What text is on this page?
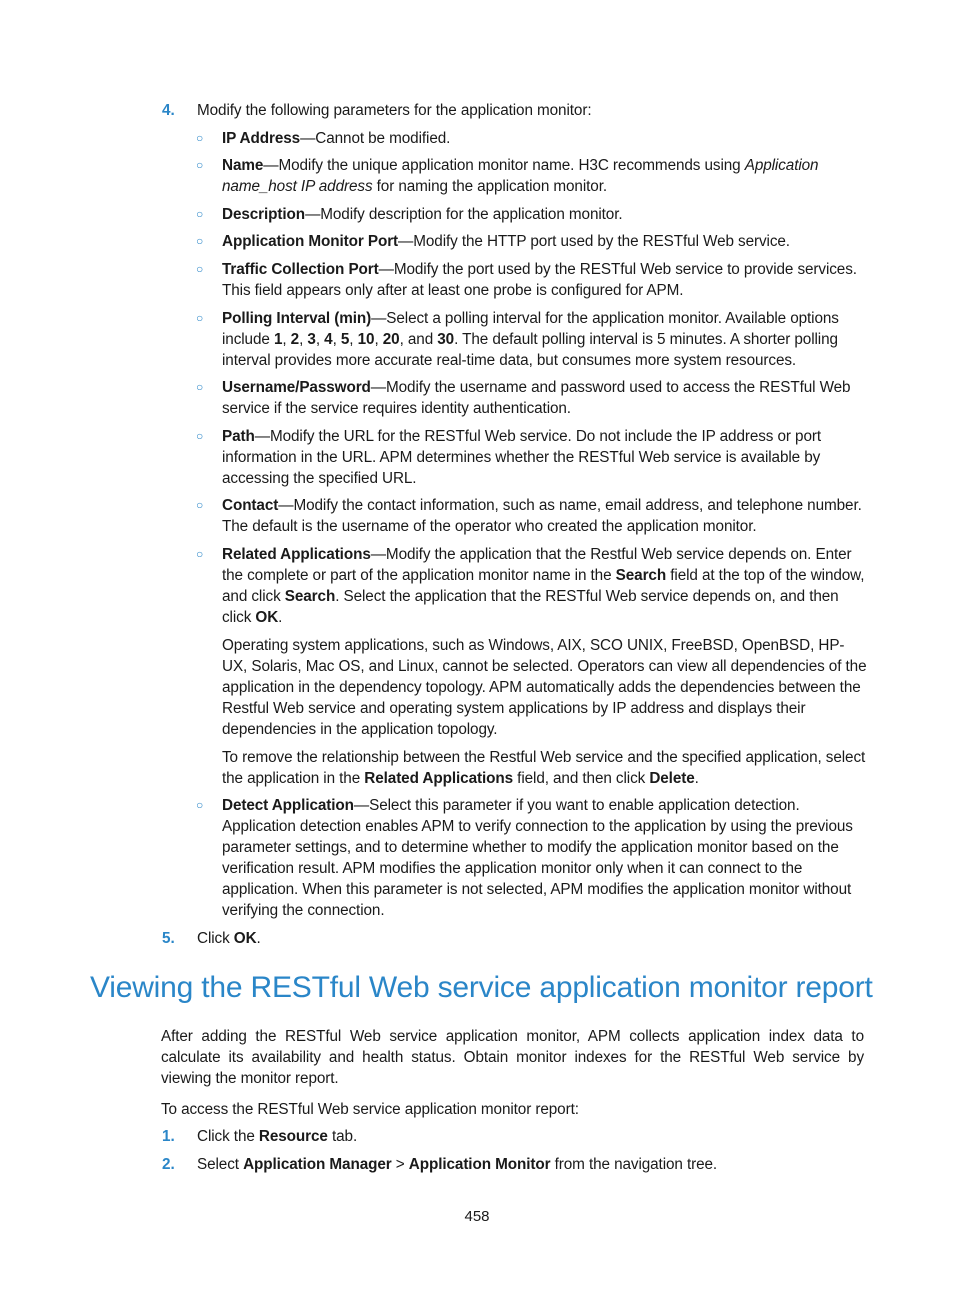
4. Modify the following parameters for the application monitor:
○ IP Address—Cannot be modified.
○ Name—Modify the unique application monitor name. H3C recommends using Application name_host IP address for naming the application monitor.
○ Description—Modify description for the application monitor.
○ Application Monitor Port—Modify the HTTP port used by the RESTful Web service.
○ Traffic Collection Port—Modify the port used by the RESTful Web service to provide services. This field appears only after at least one probe is configured for APM.
○ Polling Interval (min)—Select a polling interval for the application monitor. Available options include 1, 2, 3, 4, 5, 10, 20, and 30. The default polling interval is 5 minutes. A shorter polling interval provides more accurate real-time data, but consumes more system resources.
○ Username/Password—Modify the username and password used to access the RESTful Web service if the service requires identity authentication.
○ Path—Modify the URL for the RESTful Web service. Do not include the IP address or port information in the URL. APM determines whether the RESTful Web service is available by accessing the specified URL.
○ Contact—Modify the contact information, such as name, email address, and telephone number. The default is the username of the operator who created the application monitor.
○ Related Applications—Modify the application that the Restful Web service depends on. Enter the complete or part of the application monitor name in the Search field at the top of the window, and click Search. Select the application that the RESTful Web service depends on, and then click OK.
Operating system applications, such as Windows, AIX, SCO UNIX, FreeBSD, OpenBSD, HP-UX, Solaris, Mac OS, and Linux, cannot be selected. Operators can view all dependencies of the application in the dependency topology. APM automatically adds the dependencies between the Restful Web service and operating system applications by IP address and displays their dependencies in the application topology.
To remove the relationship between the Restful Web service and the specified application, select the application in the Related Applications field, and then click Delete.
○ Detect Application—Select this parameter if you want to enable application detection. Application detection enables APM to verify connection to the application by using the previous parameter settings, and to determine whether to modify the application monitor based on the verification result. APM modifies the application monitor only when it can connect to the application. When this parameter is not selected, APM modifies the application monitor without verifying the connection.
5. Click OK.
Viewing the RESTful Web service application monitor report
After adding the RESTful Web service application monitor, APM collects application index data to calculate its availability and health status. Obtain monitor indexes for the RESTful Web service by viewing the monitor report.
To access the RESTful Web service application monitor report:
1. Click the Resource tab.
2. Select Application Manager > Application Monitor from the navigation tree.
458
